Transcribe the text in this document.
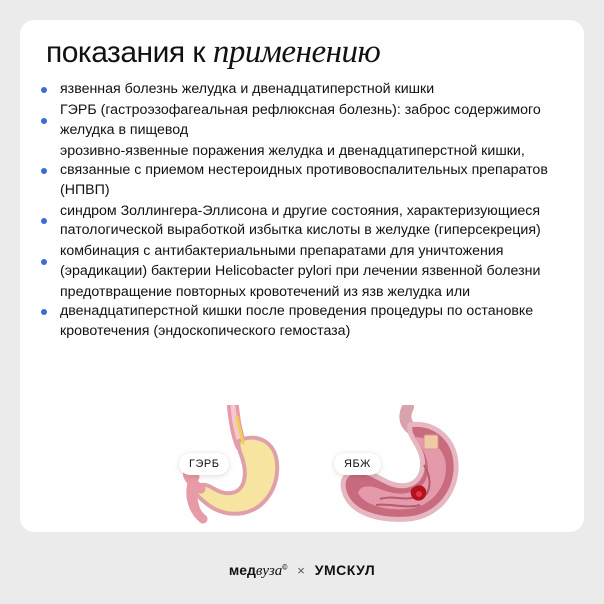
показания к применению
язвенная болезнь желудка и двенадцатиперстной кишки
ГЭРБ (гастроэзофагеальная рефлюксная болезнь): заброс содержимого желудка в пищевод
эрозивно-язвенные поражения желудка и двенадцатиперстной кишки, связанные с приемом нестероидных противовоспалительных препаратов (НПВП)
синдром Золлингера-Эллисона и другие состояния, характеризующиеся патологической выработкой избытка кислоты в желудке (гиперсекреция)
комбинация с антибактериальными препаратами для уничтожения (эрадикации) бактерии Helicobacter pylori при лечении язвенной болезни
предотвращение повторных кровотечений из язв желудка или двенадцатиперстной кишки после проведения процедуры по остановке кровотечения (эндоскопического гемостаза)
ГЭРБ	ЯБЖ
медвуза© × УМСКУЛ
